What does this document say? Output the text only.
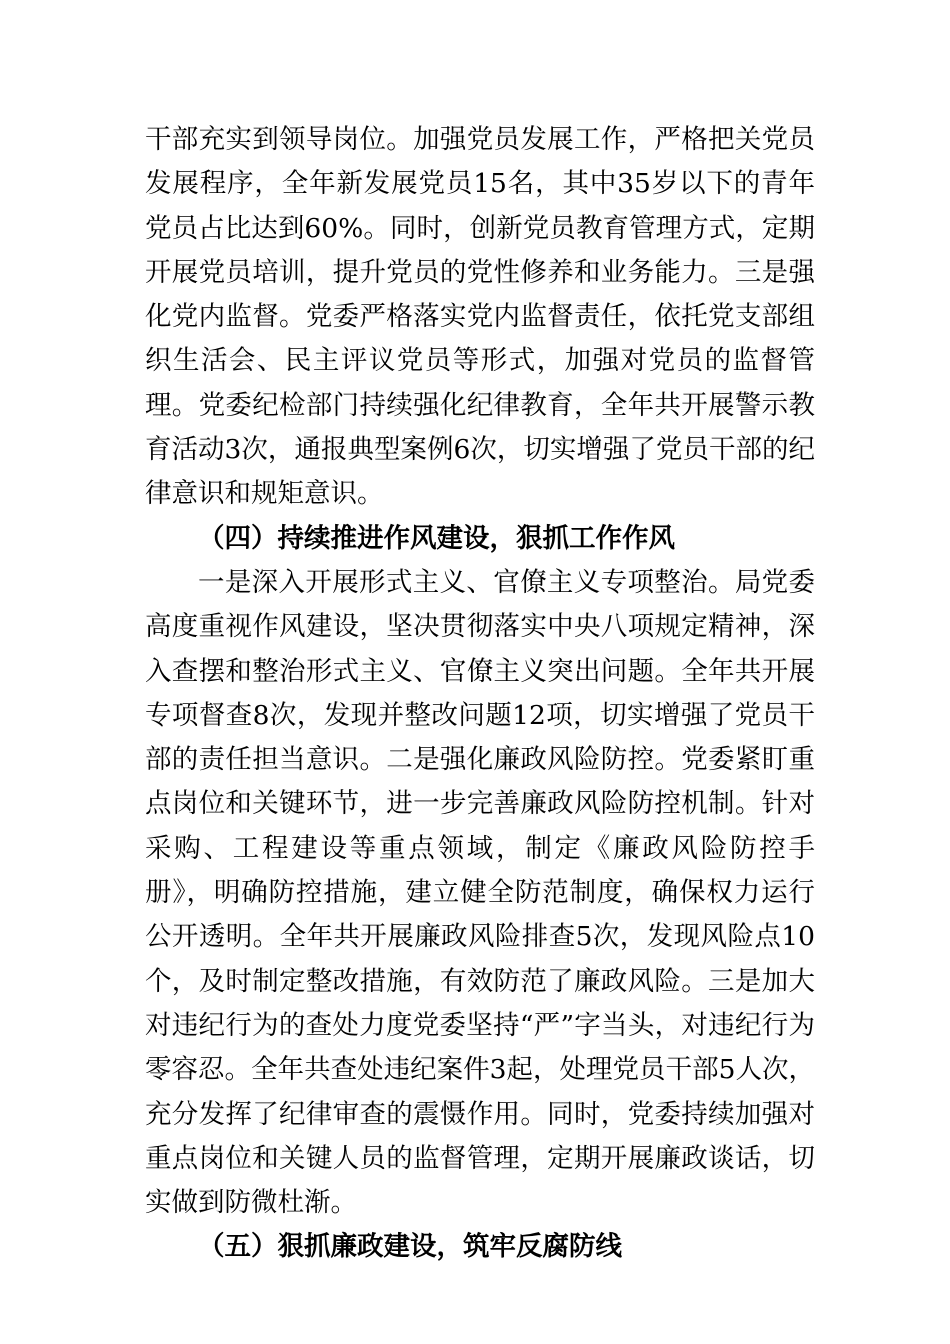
干部充实到领导岗位。加强党员发展工作，严格把关党员发展程序，全年新发展党员15名，其中35岁以下的青年党员占比达到60%。同时，创新党员教育管理方式，定期开展党员培训，提升党员的党性修养和业务能力。三是强化党内监督。党委严格落实党内监督责任，依托党支部组织生活会、民主评议党员等形式，加强对党员的监督管理。党委纪检部门持续强化纪律教育，全年共开展警示教育活动3次，通报典型案例6次，切实增强了党员干部的纪律意识和规矩意识。

（四）持续推进作风建设，狠抓工作作风

一是深入开展形式主义、官僚主义专项整治。局党委高度重视作风建设，坚决贯彻落实中央八项规定精神，深入查摆和整治形式主义、官僚主义突出问题。全年共开展专项督查8次，发现并整改问题12项，切实增强了党员干部的责任担当意识。二是强化廉政风险防控。党委紧盯重点岗位和关键环节，进一步完善廉政风险防控机制。针对采购、工程建设等重点领域，制定《廉政风险防控手册》，明确防控措施，建立健全防范制度，确保权力运行公开透明。全年共开展廉政风险排查5次，发现风险点10个，及时制定整改措施，有效防范了廉政风险。三是加大对违纪行为的查处力度党委坚持“严”字当头，对违纪行为零容忍。全年共查处违纪案件3起，处理党员干部5人次，充分发挥了纪律审查的震慑作用。同时，党委持续加强对重点岗位和关键人员的监督管理，定期开展廉政谈话，切实做到防微杜渐。

（五）狠抓廉政建设，筑牢反腐防线
